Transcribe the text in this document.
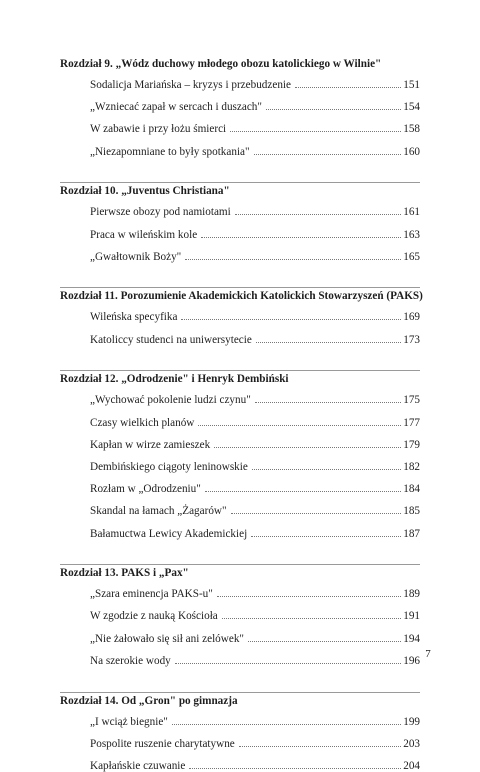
Rozdział 9. „Wódz duchowy młodego obozu katolickiego w Wilnie"
Sodalicja Mariańska – kryzys i przebudzenie	151
„Wzniecać zapał w sercach i duszach"	154
W zabawie i przy łożu śmierci	158
„Niezapomniane to były spotkania"	160
Rozdział 10. „Juventus Christiana"
Pierwsze obozy pod namiotami	161
Praca w wileńskim kole	163
„Gwałtownik Boży"	165
Rozdział 11. Porozumienie Akademickich Katolickich Stowarzyszeń (PAKS)
Wileńska specyfika	169
Katoliccy studenci na uniwersytecie	173
Rozdział 12. „Odrodzenie" i Henryk Dembiński
„Wychować pokolenie ludzi czynu"	175
Czasy wielkich planów	177
Kapłan w wirze zamieszek	179
Dembińskiego ciągoty leninowskie	182
Rozłam w „Odrodzeniu"	184
Skandal na łamach „Żagarów"	185
Bałamuctwa Lewicy Akademickiej	187
Rozdział 13. PAKS i „Pax"
„Szara eminencja PAKS-u"	189
W zgodzie z nauką Kościoła	191
„Nie żałowało się sił ani zelówek"	194
Na szerokie wody	196
Rozdział 14. Od „Gron" po gimnazja
„I wciąż biegnie"	199
Pospolite ruszenie charytatywne	203
Kapłańskie czuwanie	204
7
